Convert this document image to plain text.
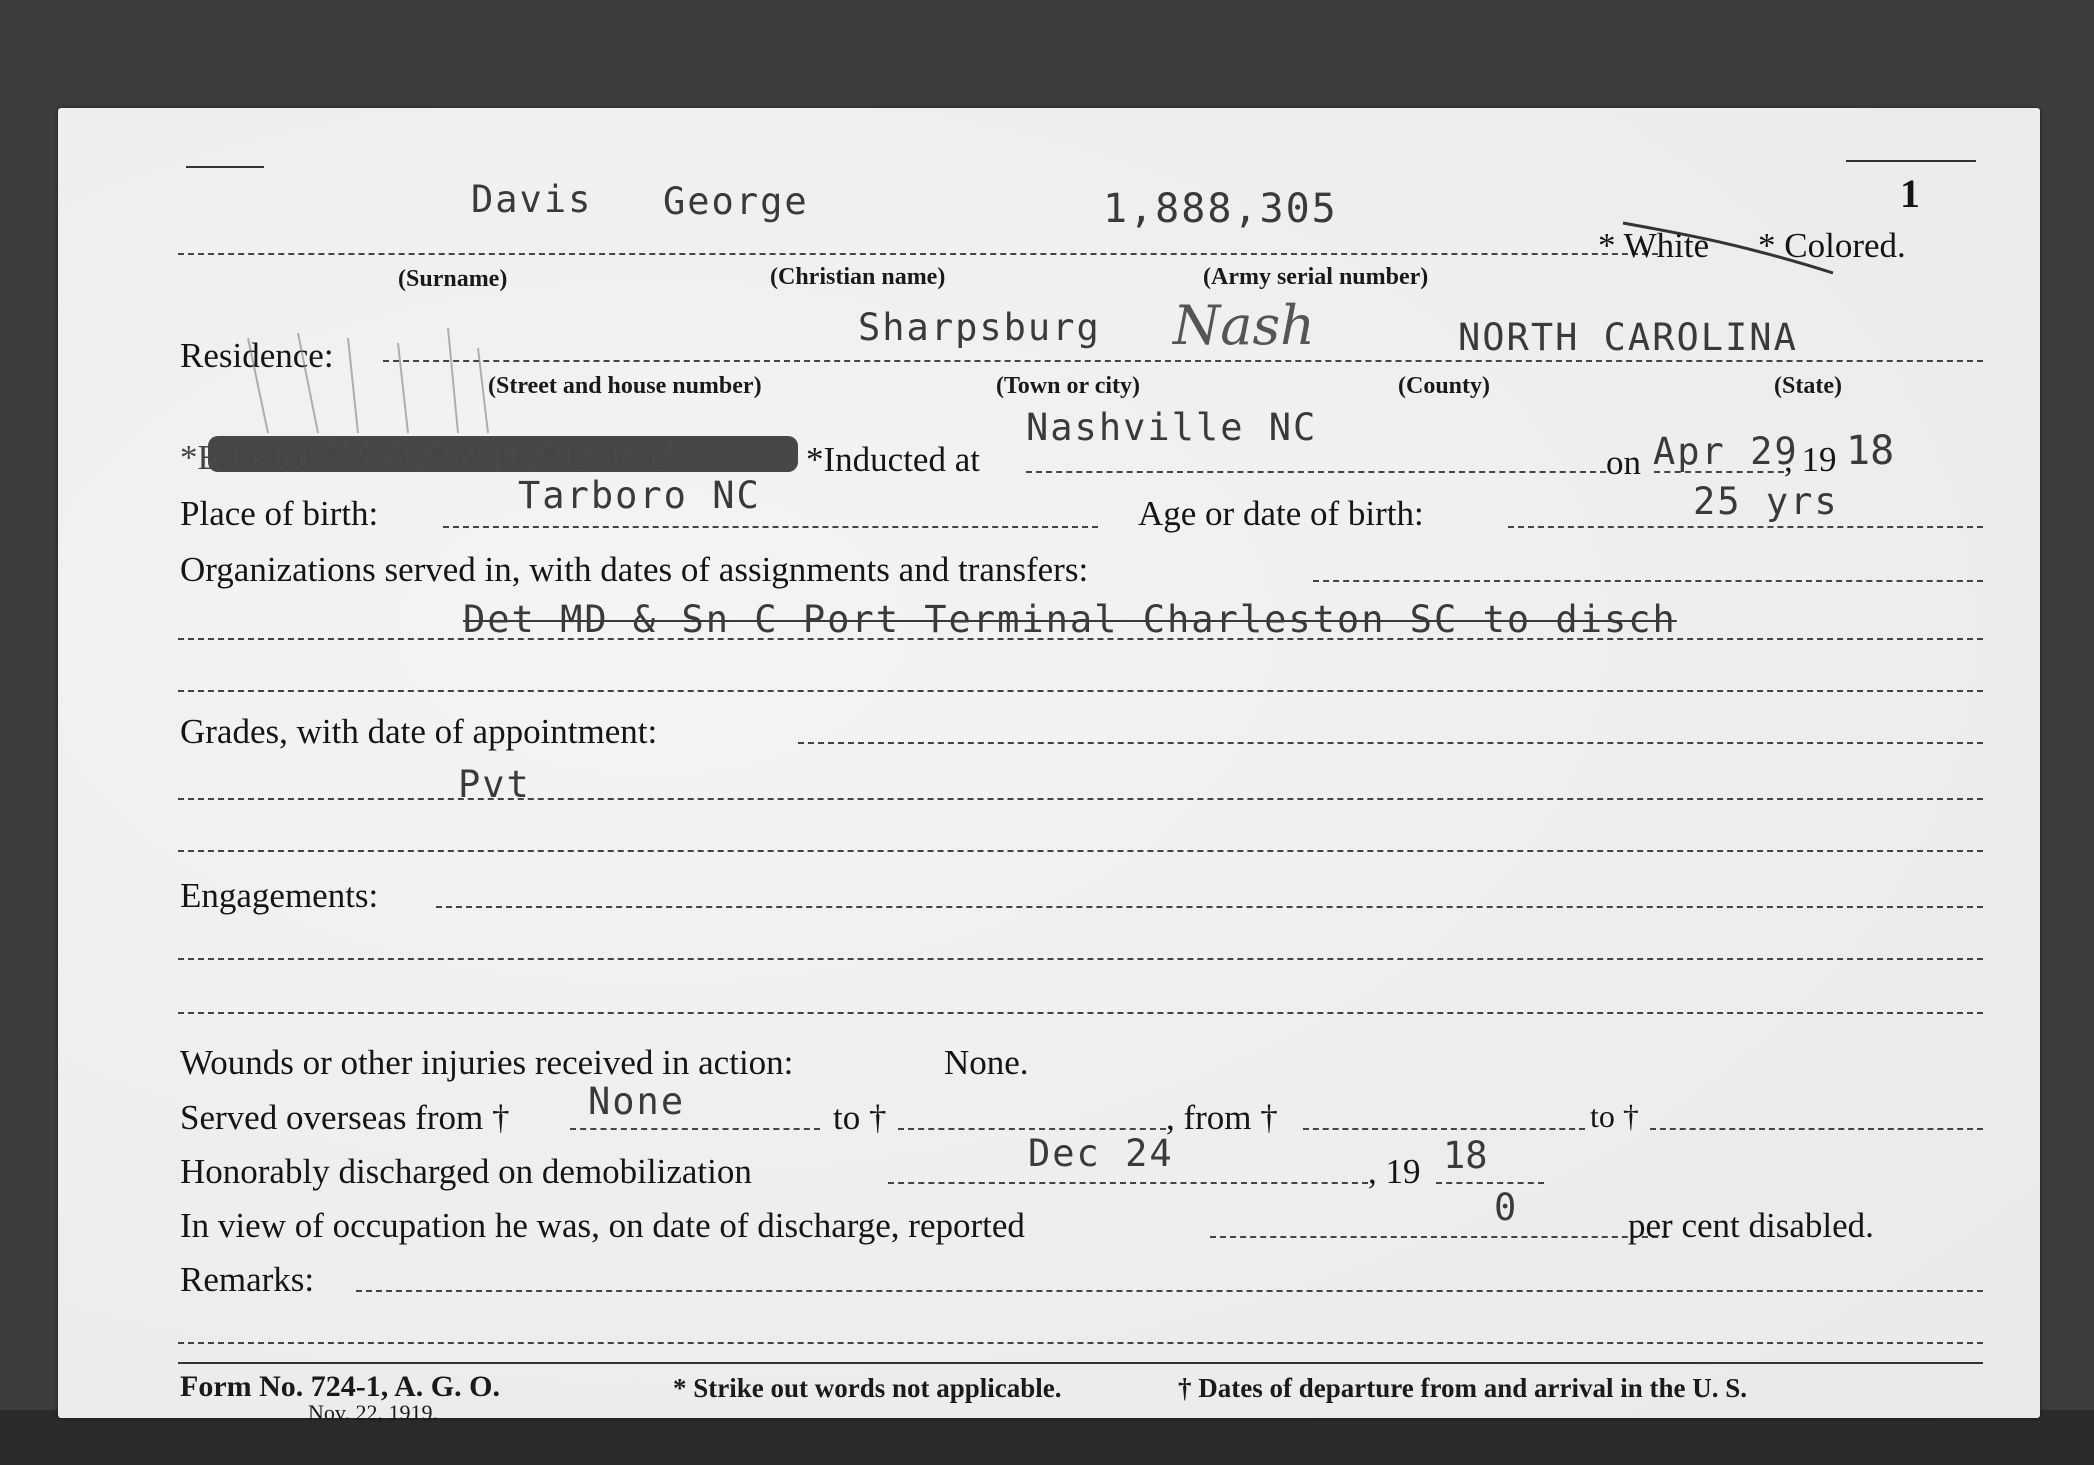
1
Davis George	1,888,305
* White * Colored.
(Surname)	(Christian name)	(Army serial number)
Residence:
Sharpsburg Nash	NORTH CAROLINA
(Street and house number)	(Town or city)	(County)	(State)
*Enlisted * R. A. * N. G. * E. R. C.	*Inducted at
Nashville NC
on Apr 29
, 19 18
Place of birth:	Tarboro NC	Age or date of birth:	25 yrs
Organizations served in, with dates of assignments and transfers:
Det MD & Sn C Port Terminal Charleston SC to disch
Grades, with date of appointment:
Pvt
Engagements:
Wounds or other injuries received in action:	None.
Served overseas from † None	to †	, from †	to †
Honorably discharged on demobilization	Dec 24	, 19 18
In view of occupation he was, on date of discharge, reported	0	per cent disabled.
Remarks:
Form No. 724-1, A. G. O.
Nov. 22, 1919.
* Strike out words not applicable.	† Dates of departure from and arrival in the U. S.
